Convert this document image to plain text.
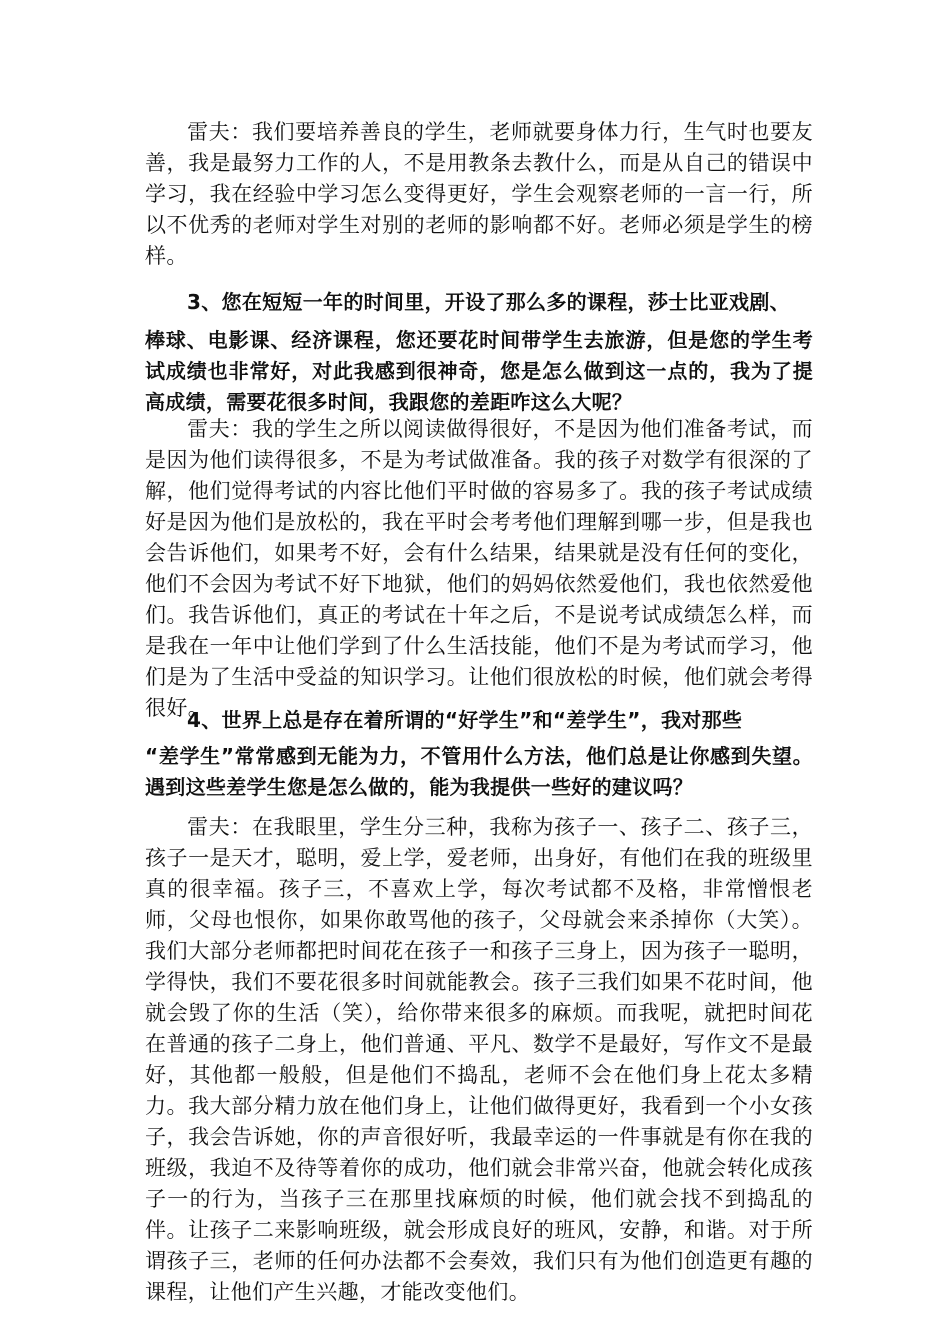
雷夫：我们要培养善良的学生，老师就要身体力行，生气时也要友善，我是最努力工作的人，不是用教条去教什么，而是从自己的错误中学习，我在经验中学习怎么变得更好，学生会观察老师的一言一行，所以不优秀的老师对学生对别的老师的影响都不好。老师必须是学生的榜样。

3、您在短短一年的时间里，开设了那么多的课程，莎士比亚戏剧、

棒球、电影课、经济课程，您还要花时间带学生去旅游，但是您的学生考试成绩也非常好，对此我感到很神奇，您是怎么做到这一点的，我为了提高成绩，需要花很多时间，我跟您的差距咋这么大呢？

雷夫：我的学生之所以阅读做得很好，不是因为他们准备考试，而是因为他们读得很多，不是为考试做准备。我的孩子对数学有很深的了解，他们觉得考试的内容比他们平时做的容易多了。我的孩子考试成绩好是因为他们是放松的，我在平时会考考他们理解到哪一步，但是我也会告诉他们，如果考不好，会有什么结果，结果就是没有任何的变化，他们不会因为考试不好下地狱，他们的妈妈依然爱他们，我也依然爱他们。我告诉他们，真正的考试在十年之后，不是说考试成绩怎么样，而是我在一年中让他们学到了什么生活技能，他们不是为考试而学习，他们是为了生活中受益的知识学习。让他们很放松的时候，他们就会考得很好。

4、世界上总是存在着所谓的“好学生”和“差学生”，我对那些

“差学生”常常感到无能为力，不管用什么方法，他们总是让你感到失望。遇到这些差学生您是怎么做的，能为我提供一些好的建议吗？

雷夫：在我眼里，学生分三种，我称为孩子一、孩子二、孩子三，孩子一是天才，聪明，爱上学，爱老师，出身好，有他们在我的班级里真的很幸福。孩子三，不喜欢上学，每次考试都不及格，非常憎恨老师，父母也恨你，如果你敢骂他的孩子，父母就会来杀掉你（大笑）。我们大部分老师都把时间花在孩子一和孩子三身上，因为孩子一聪明，学得快，我们不要花很多时间就能教会。孩子三我们如果不花时间，他就会毁了你的生活（笑），给你带来很多的麻烦。而我呢，就把时间花在普通的孩子二身上，他们普通、平凡、数学不是最好，写作文不是最好，其他都一般般，但是他们不捣乱，老师不会在他们身上花太多精力。我大部分精力放在他们身上，让他们做得更好，我看到一个小女孩子，我会告诉她，你的声音很好听，我最幸运的一件事就是有你在我的班级，我迫不及待等着你的成功，他们就会非常兴奋，他就会转化成孩子一的行为，当孩子三在那里找麻烦的时候，他们就会找不到捣乱的伴。让孩子二来影响班级，就会形成良好的班风，安静，和谐。对于所谓孩子三，老师的任何办法都不会奏效，我们只有为他们创造更有趣的课程，让他们产生兴趣，才能改变他们。
